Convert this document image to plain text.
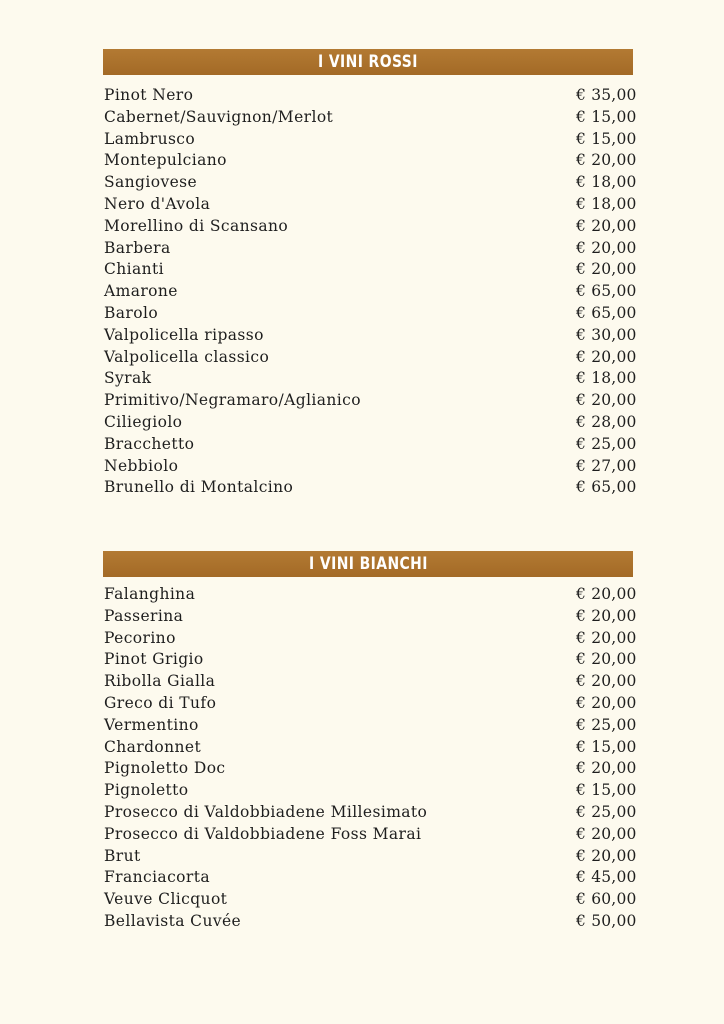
I VINI ROSSI
Pinot Nero	€ 35,00
Cabernet/Sauvignon/Merlot	€ 15,00
Lambrusco	€ 15,00
Montepulciano	€ 20,00
Sangiovese	€ 18,00
Nero d'Avola	€ 18,00
Morellino di Scansano	€ 20,00
Barbera	€ 20,00
Chianti	€ 20,00
Amarone	€ 65,00
Barolo	€ 65,00
Valpolicella ripasso	€ 30,00
Valpolicella classico	€ 20,00
Syrak	€ 18,00
Primitivo/Negramaro/Aglianico	€ 20,00
Ciliegiolo	€ 28,00
Bracchetto	€ 25,00
Nebbiolo	€ 27,00
Brunello di Montalcino	€ 65,00
I VINI BIANCHI
Falanghina	€ 20,00
Passerina	€ 20,00
Pecorino	€ 20,00
Pinot Grigio	€ 20,00
Ribolla Gialla	€ 20,00
Greco di Tufo	€ 20,00
Vermentino	€ 25,00
Chardonnet	€ 15,00
Pignoletto Doc	€ 20,00
Pignoletto	€ 15,00
Prosecco di Valdobbiadene Millesimato	€ 25,00
Prosecco di Valdobbiadene Foss Marai	€ 20,00
Brut	€ 20,00
Franciacorta	€ 45,00
Veuve Clicquot	€ 60,00
Bellavista Cuvée	€ 50,00
